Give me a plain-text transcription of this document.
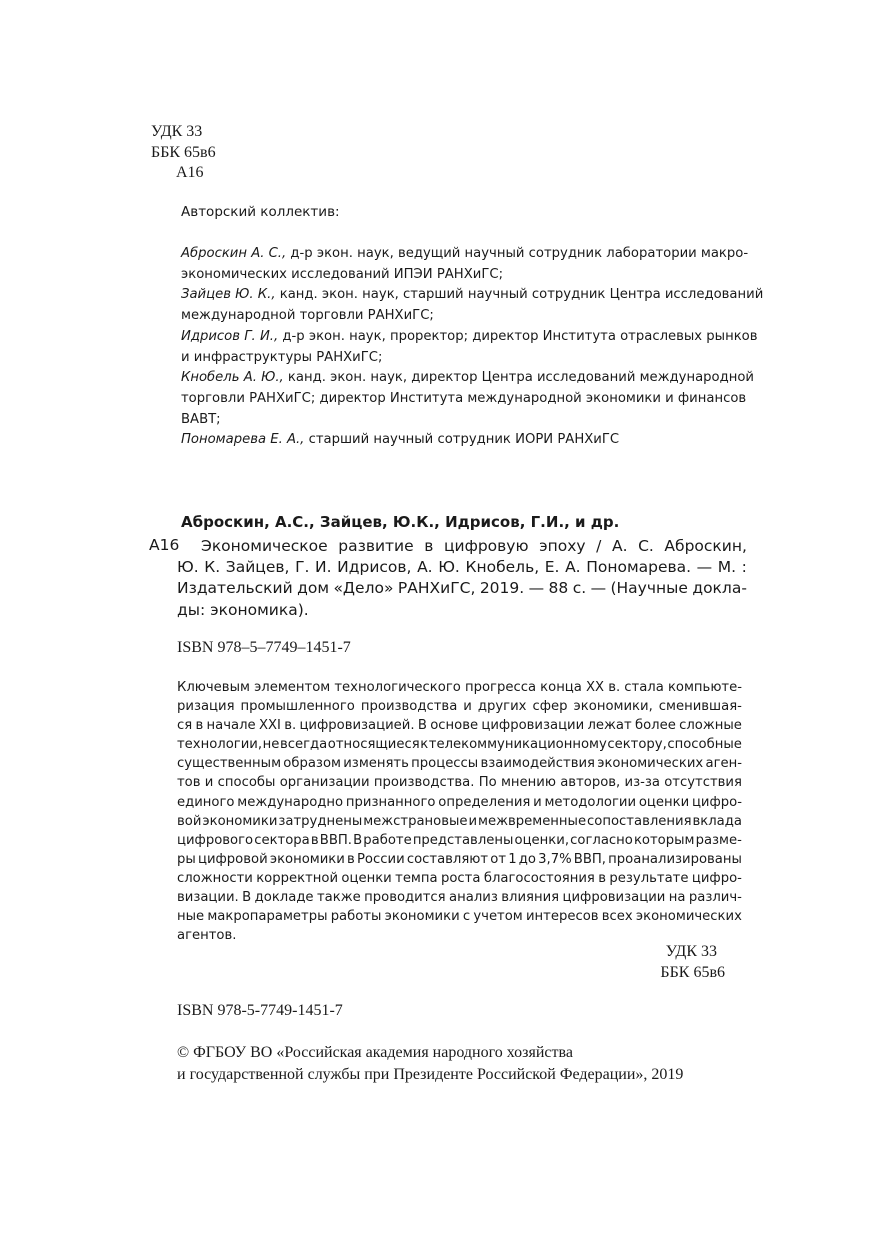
УДК 33
ББК 65в6
А16
Авторский коллектив:
Аброскин А. С., д-р экон. наук, ведущий научный сотрудник лаборатории макро-
экономических исследований ИПЭИ РАНХиГС;
Зайцев Ю. К., канд. экон. наук, старший научный сотрудник Центра исследований
международной торговли РАНХиГС;
Идрисов Г. И., д-р экон. наук, проректор; директор Института отраслевых рынков
и инфраструктуры РАНХиГС;
Кнобель А. Ю., канд. экон. наук, директор Центра исследований международной
торговли РАНХиГС; директор Института международной экономики и финансов
ВАВТ;
Пономарева Е. А., старший научный сотрудник ИОРИ РАНХиГС
Аброскин, А.С., Зайцев, Ю.К., Идрисов, Г.И., и др.
А16 Экономическое развитие в цифровую эпоху / А. С. Аброскин,
Ю. К. Зайцев, Г. И. Идрисов, А. Ю. Кнобель, Е. А. Пономарева. — М. :
Издательский дом «Дело» РАНХиГС, 2019. — 88 с. — (Научные докла-
ды: экономика).
ISBN 978–5–7749–1451-7
Ключевым элементом технологического прогресса конца XX в. стала компьюте-
ризация промышленного производства и других сфер экономики, сменившая-
ся в начале XXI в. цифровизацией. В основе цифровизации лежат более сложные
технологии, не всегда относящиеся к телекоммуникационному сектору, способные
существенным образом изменять процессы взаимодействия экономических аген-
тов и способы организации производства. По мнению авторов, из-за отсутствия
единого международно признанного определения и методологии оценки цифро-
вой экономики затруднены межстрановые и межвременные сопоставления вклада
цифрового сектора в ВВП. В работе представлены оценки, согласно которым разме-
ры цифровой экономики в России составляют от 1 до 3,7% ВВП, проанализированы
сложности корректной оценки темпа роста благосостояния в результате цифро-
визации. В докладе также проводится анализ влияния цифровизации на различ-
ные макропараметры работы экономики с учетом интересов всех экономических
агентов.
УДК 33
ББК 65в6
ISBN 978-5-7749-1451-7
© ФГБОУ ВО «Российская академия народного хозяйства
и государственной службы при Президенте Российской Федерации», 2019
